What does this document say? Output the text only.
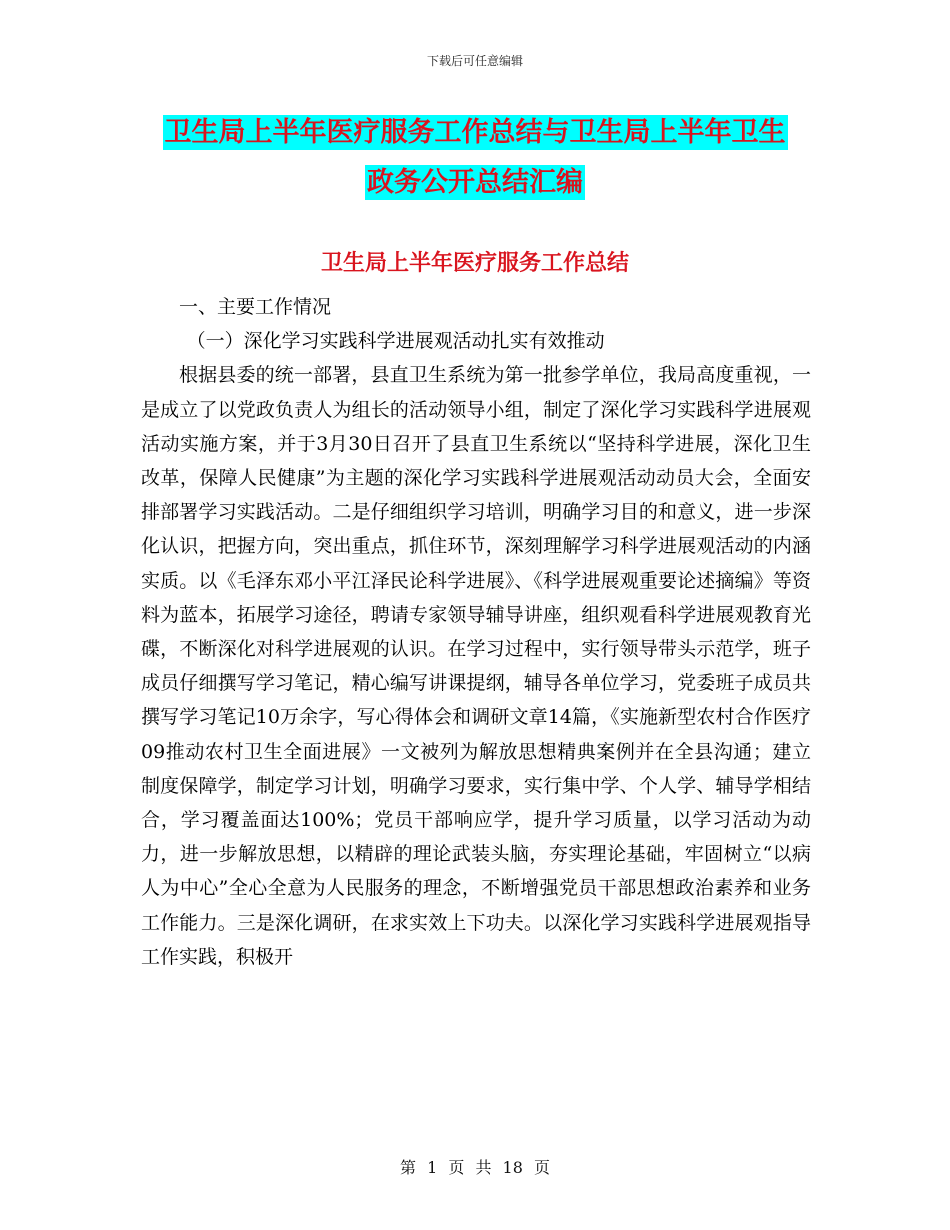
下载后可任意编辑
卫生局上半年医疗服务工作总结与卫生局上半年卫生
政务公开总结汇编
卫生局上半年医疗服务工作总结

一、主要工作情况

（一）深化学习实践科学进展观活动扎实有效推动

根据县委的统一部署，县直卫生系统为第一批参学单位，我局高度重视，一是成立了以党政负责人为组长的活动领导小组，制定了深化学习实践科学进展观活动实施方案，并于3月30日召开了县直卫生系统以“坚持科学进展，深化卫生改革，保障人民健康”为主题的深化学习实践科学进展观活动动员大会，全面安排部署学习实践活动。二是仔细组织学习培训，明确学习目的和意义，进一步深化认识，把握方向，突出重点，抓住环节，深刻理解学习科学进展观活动的内涵实质。以《毛泽东邓小平江泽民论科学进展》、《科学进展观重要论述摘编》等资料为蓝本，拓展学习途径，聘请专家领导辅导讲座，组织观看科学进展观教育光碟，不断深化对科学进展观的认识。在学习过程中，实行领导带头示范学，班子成员仔细撰写学习笔记，精心编写讲课提纲，辅导各单位学习，党委班子成员共撰写学习笔记10万余字，写心得体会和调研文章14篇，《实施新型农村合作医疗09推动农村卫生全面进展》一文被列为解放思想精典案例并在全县沟通；建立制度保障学，制定学习计划，明确学习要求，实行集中学、个人学、辅导学相结合，学习覆盖面达100%；党员干部响应学，提升学习质量，以学习活动为动力，进一步解放思想，以精辟的理论武装头脑，夯实理论基础，牢固树立“以病人为中心”全心全意为人民服务的理念，不断增强党员干部思想政治素养和业务工作能力。三是深化调研，在求实效上下功夫。以深化学习实践科学进展观指导工作实践，积极开

第 1 页 共 18 页
